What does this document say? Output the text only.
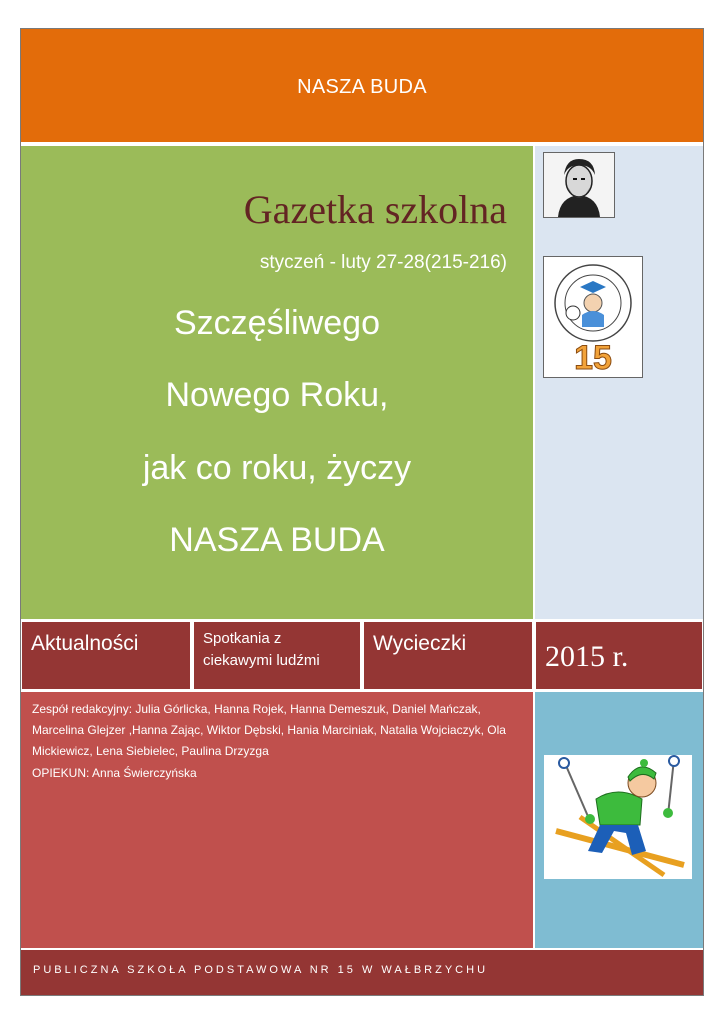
NASZA BUDA
Gazetka szkolna
styczeń - luty 27-28(215-216)
Szczęśliwego
Nowego Roku,
jak co roku, życzy
NASZA BUDA
15
Aktualności	Spotkania z ciekawymi ludźmi
Wycieczki	2015 r.
Zespół redakcyjny: Julia Górlicka, Hanna Rojek, Hanna Demeszuk, Daniel Mańczak, Marcelina Glejzer ,Hanna Zając, Wiktor Dębski, Hania Marciniak, Natalia Wojciaczyk, Ola Mickiewicz, Lena Siebielec, Paulina Drzyzga
OPIEKUN: Anna Świerczyńska
PUBLICZNA SZKOŁA PODSTAWOWA NR 15 W WAŁBRZYCHU
